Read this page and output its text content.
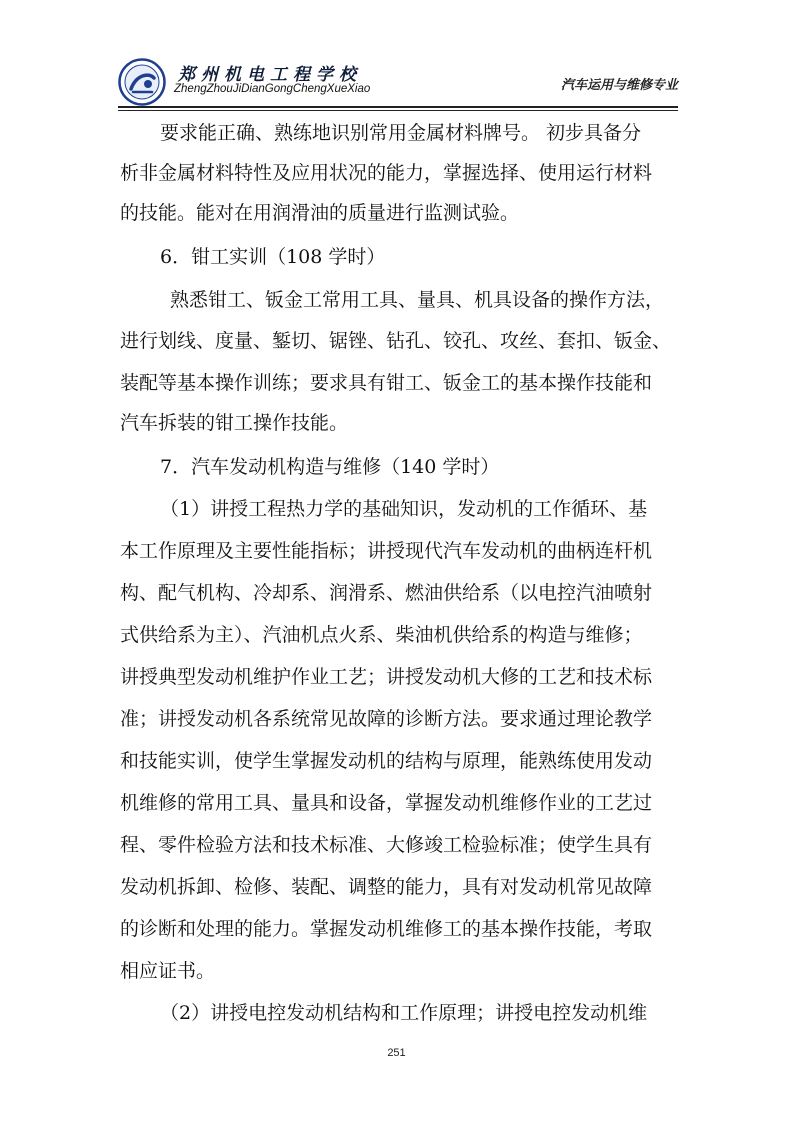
郑州机电工程学校
ZhengZhouJiDianGongChengXueXiao	汽车运用与维修专业
要求能正确、熟练地识别常用金属材料牌号。 初步具备分
析非金属材料特性及应用状况的能力，掌握选择、使用运行材料
的技能。能对在用润滑油的质量进行监测试验。
6．钳工实训（108 学时）
熟悉钳工、钣金工常用工具、量具、机具设备的操作方法，
进行划线、度量、錾切、锯锉、钻孔、铰孔、攻丝、套扣、钣金、
装配等基本操作训练；要求具有钳工、钣金工的基本操作技能和
汽车拆装的钳工操作技能。
7．汽车发动机构造与维修（140 学时）
（1）讲授工程热力学的基础知识，发动机的工作循环、基
本工作原理及主要性能指标；讲授现代汽车发动机的曲柄连杆机
构、配气机构、冷却系、润滑系、燃油供给系（以电控汽油喷射
式供给系为主）、汽油机点火系、柴油机供给系的构造与维修；
讲授典型发动机维护作业工艺；讲授发动机大修的工艺和技术标
准；讲授发动机各系统常见故障的诊断方法。要求通过理论教学
和技能实训，使学生掌握发动机的结构与原理，能熟练使用发动
机维修的常用工具、量具和设备，掌握发动机维修作业的工艺过
程、零件检验方法和技术标准、大修竣工检验标准；使学生具有
发动机拆卸、检修、装配、调整的能力，具有对发动机常见故障
的诊断和处理的能力。掌握发动机维修工的基本操作技能，考取
相应证书。
（2）讲授电控发动机结构和工作原理；讲授电控发动机维
251
